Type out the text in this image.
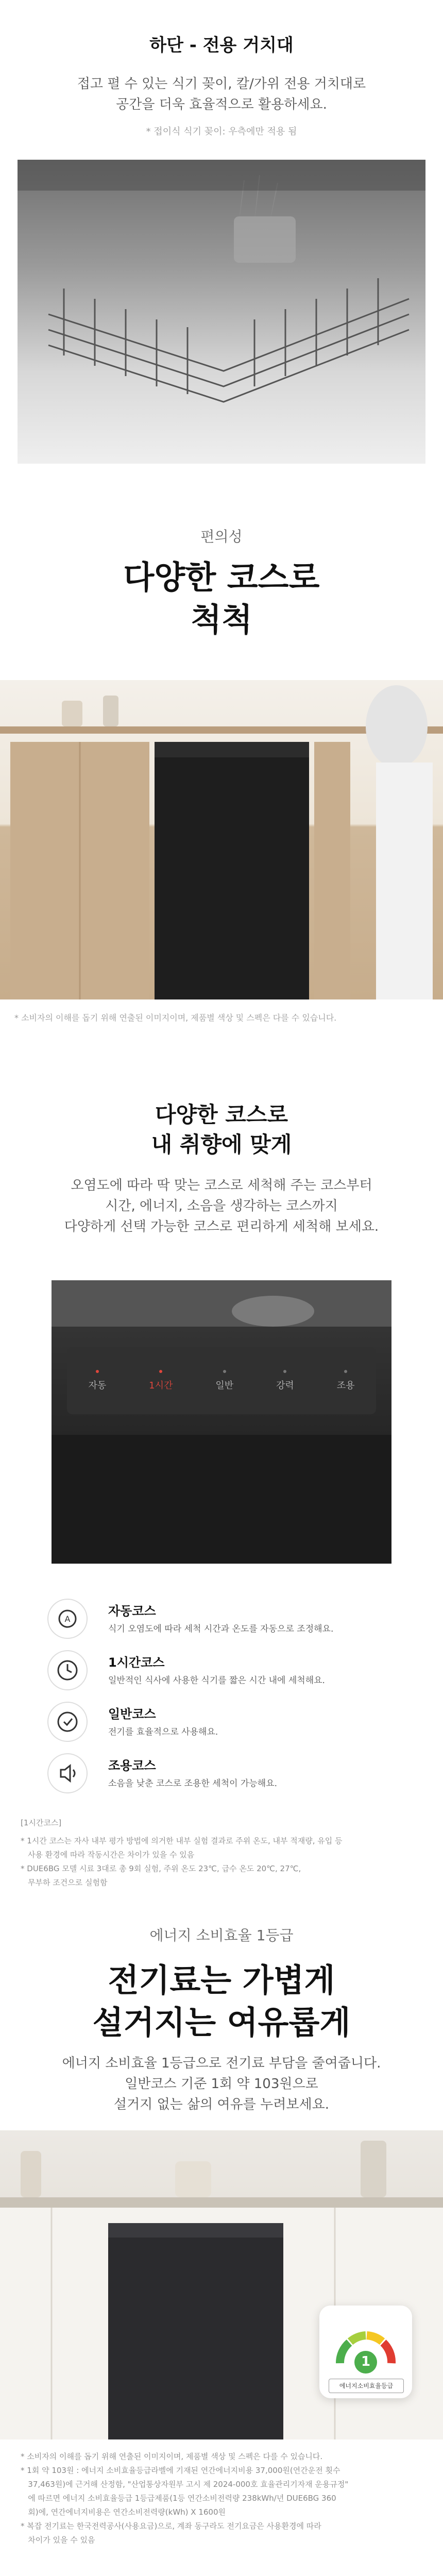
하단 - 전용 거치대

접고 펼 수 있는 식기 꽂이, 칼/가위 전용 거치대로

공간을 더욱 효율적으로 활용하세요.

* 접이식 식기 꽂이: 우측에만 적용 됨
편의성
다양한 코스로
척척
* 소비자의 이해를 돕기 위해 연출된 이미지이며, 제품별 색상 및 스펙은 다를 수 있습니다.
다양한 코스로
내 취향에 맞게

오염도에 따라 딱 맞는 코스로 세척해 주는 코스부터

시간, 에너지, 소음을 생각하는 코스까지

다양하게 선택 가능한 코스로 편리하게 세척해 보세요.

자동	1시간	일반	강력	조용
A
자동코스
식기 오염도에 따라 세척 시간과 온도를 자동으로 조정해요.
1시간코스
일반적인 식사에 사용한 식기를 짧은 시간 내에 세척해요.
일반코스
전기를 효율적으로 사용해요.
조용코스
소음을 낮춘 코스로 조용한 세척이 가능해요.
[1시간코스]
* 1시간 코스는 자사 내부 평가 방법에 의거한 내부 실험 결과로 주위 온도, 내부 적재량, 유입 등
사용 환경에 따라 작동시간은 차이가 있을 수 있음
* DUE6BG 모델 시료 3대로 총 9회 실험, 주위 온도 23℃, 급수 온도 20℃, 27℃,
무부하 조건으로 실험함
에너지 소비효율 1등급
전기료는 가볍게
설거지는 여유롭게

에너지 소비효율 1등급으로 전기료 부담을 줄여줍니다.

일반코스 기준 1회 약 103원으로

설거지 없는 삶의 여유를 누려보세요.

1
에너지소비효율등급
* 소비자의 이해를 돕기 위해 연출된 이미지이며, 제품별 색상 및 스펙은 다를 수 있습니다.
* 1회 약 103원 : 에너지 소비효율등급라벨에 기재된 연간에너지비용 37,000원(연간운전 횟수
37,463원)에 근거해 산정함, "산업통상자원부 고시 제 2024-000호 효율관리기자재 운용규정"
에 따르면 에너지 소비효율등급 1등급제품(1등 연간소비전력량 238kWh/년 DUE6BG 360
회)에, 연간에너지비용은 연간소비전력량(kWh) X 1600원
* 복잡 전기료는 한국전력공사(사용요금)으로, 계좌 동구라도 전기요금은 사용환경에 따라
차이가 있을 수 있음
